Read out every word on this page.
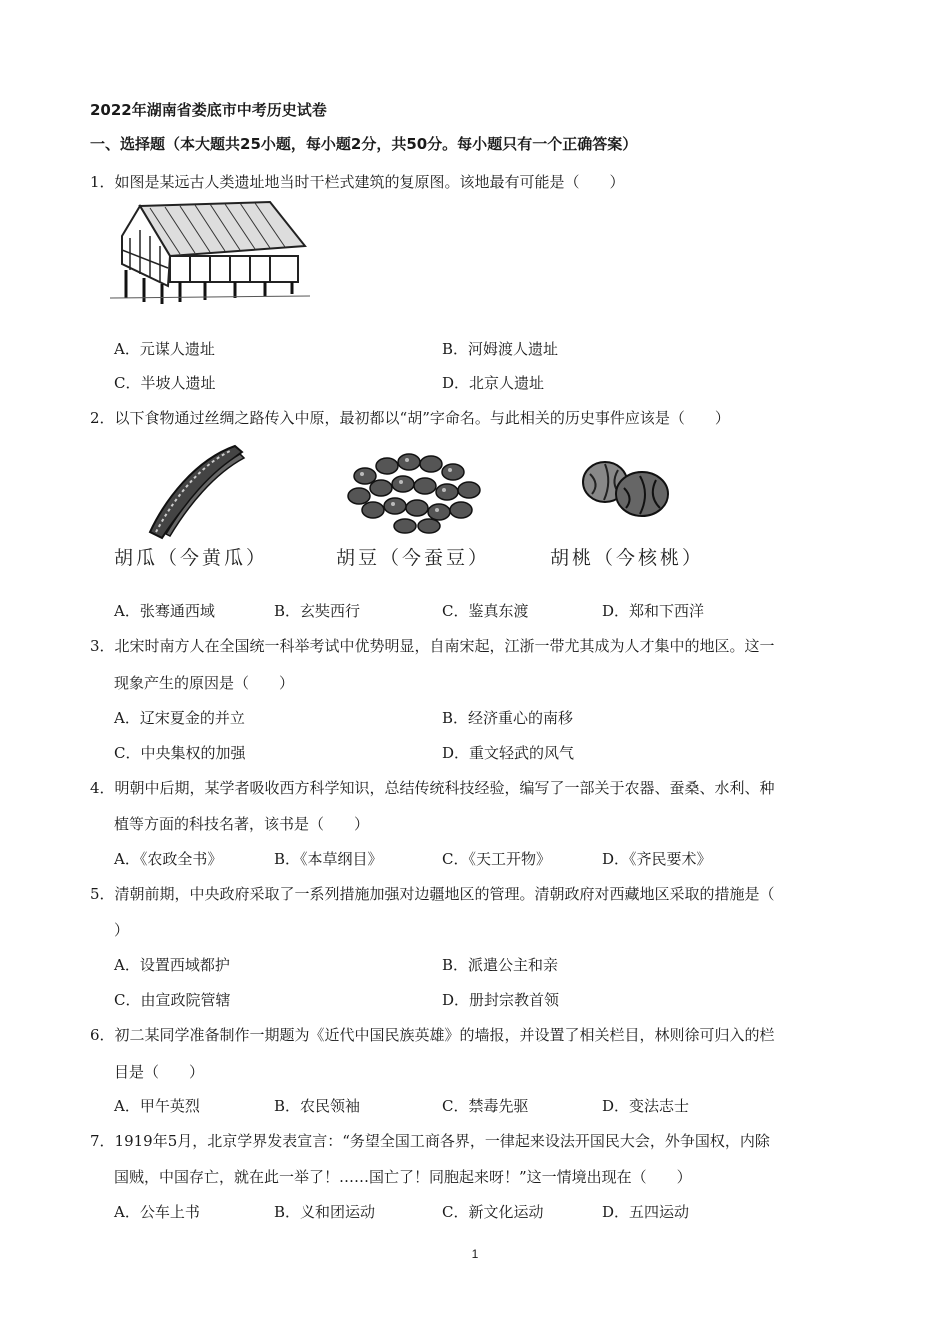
2022年湖南省娄底市中考历史试卷
一、选择题（本大题共25小题，每小题2分，共50分。每小题只有一个正确答案）
1．如图是某远古人类遗址地当时干栏式建筑的复原图。该地最有可能是（　　）
A．元谋人遗址	B．河姆渡人遗址
C．半坡人遗址	D．北京人遗址
2．以下食物通过丝绸之路传入中原，最初都以“胡”字命名。与此相关的历史事件应该是（　　）
胡瓜（今黄瓜）	胡豆（今蚕豆）	胡桃（今核桃）
A．张骞通西域	B．玄奘西行	C．鉴真东渡	D．郑和下西洋
3．北宋时南方人在全国统一科举考试中优势明显，自南宋起，江浙一带尤其成为人才集中的地区。这一
现象产生的原因是（　　）
A．辽宋夏金的并立	B．经济重心的南移
C．中央集权的加强	D．重文轻武的风气
4．明朝中后期，某学者吸收西方科学知识，总结传统科技经验，编写了一部关于农器、蚕桑、水利、种
植等方面的科技名著，该书是（　　）
A．《农政全书》	B．《本草纲目》	C．《天工开物》	D．《齐民要术》
5．清朝前期，中央政府采取了一系列措施加强对边疆地区的管理。清朝政府对西藏地区采取的措施是（
）
A．设置西域都护	B．派遣公主和亲
C．由宣政院管辖	D．册封宗教首领
6．初二某同学准备制作一期题为《近代中国民族英雄》的墙报，并设置了相关栏目，林则徐可归入的栏
目是（　　）
A．甲午英烈	B．农民领袖	C．禁毒先驱	D．变法志士
7．1919年5月，北京学界发表宣言：“务望全国工商各界，一律起来设法开国民大会，外争国权，内除
国贼，中国存亡，就在此一举了！……国亡了！同胞起来呀！”这一情境出现在（　　）
A．公车上书	B．义和团运动	C．新文化运动	D．五四运动
1
